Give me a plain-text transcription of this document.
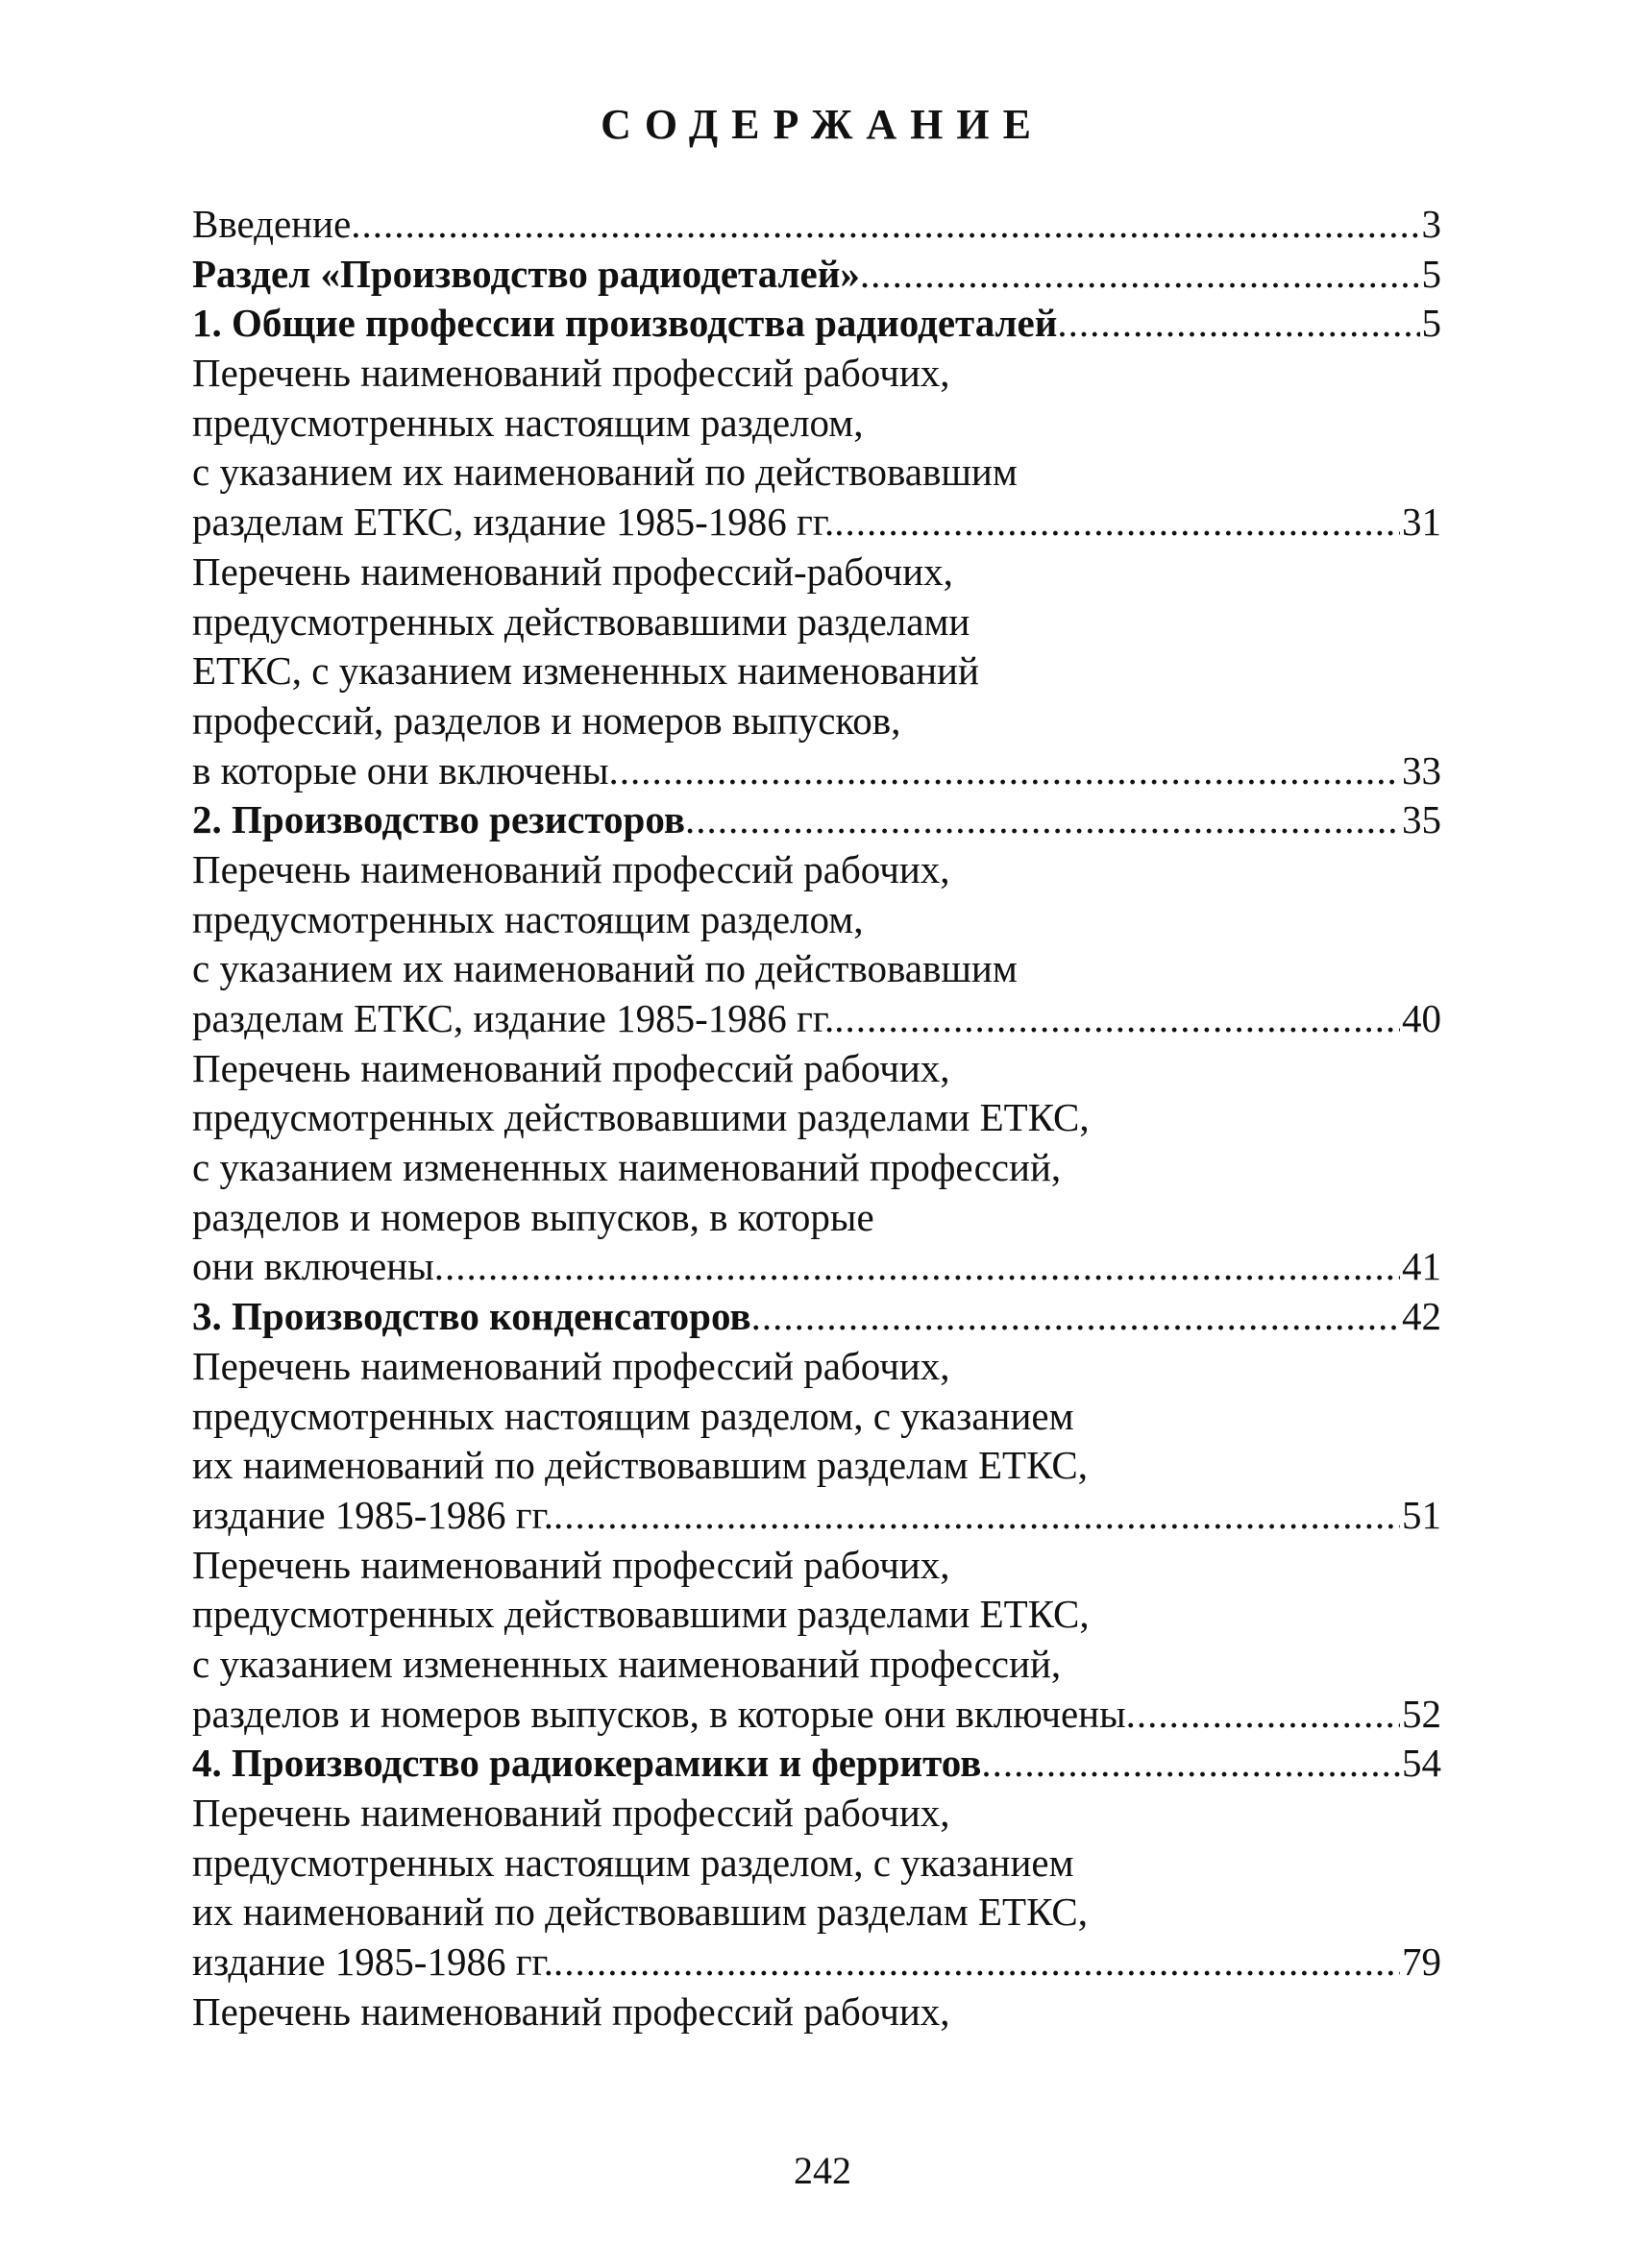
СОДЕРЖАНИЕ
Введение .....	3
Раздел «Производство радиодеталей» .....	5
1. Общие профессии производства радиодеталей .....	5
Перечень наименований профессий рабочих,
предусмотренных настоящим разделом,
с указанием их наименований по действовавшим
разделам ЕТКС, издание 1985-1986 гг. .....	31
Перечень наименований профессий-рабочих,
предусмотренных действовавшими разделами
ЕТКС, с указанием измененных наименований
профессий, разделов и номеров выпусков,
в которые они включены .....	33
2. Производство резисторов .....	35
Перечень наименований профессий рабочих,
предусмотренных настоящим разделом,
с указанием их наименований по действовавшим
разделам ЕТКС, издание 1985-1986 гг. .....	40
Перечень наименований профессий рабочих,
предусмотренных действовавшими разделами ЕТКС,
с указанием измененных наименований профессий,
разделов и номеров выпусков, в которые
они включены .....	41
3. Производство конденсаторов .....	42
Перечень наименований профессий рабочих,
предусмотренных настоящим разделом, с указанием
их наименований по действовавшим разделам ЕТКС,
издание 1985-1986 гг. .....	51
Перечень наименований профессий рабочих,
предусмотренных действовавшими разделами ЕТКС,
с указанием измененных наименований профессий,
разделов и номеров выпусков, в которые они включены .....	52
4. Производство радиокерамики и ферритов .....	54
Перечень наименований профессий рабочих,
предусмотренных настоящим разделом, с указанием
их наименований по действовавшим разделам ЕТКС,
издание 1985-1986 гг. .....	79
Перечень наименований профессий рабочих,
242
